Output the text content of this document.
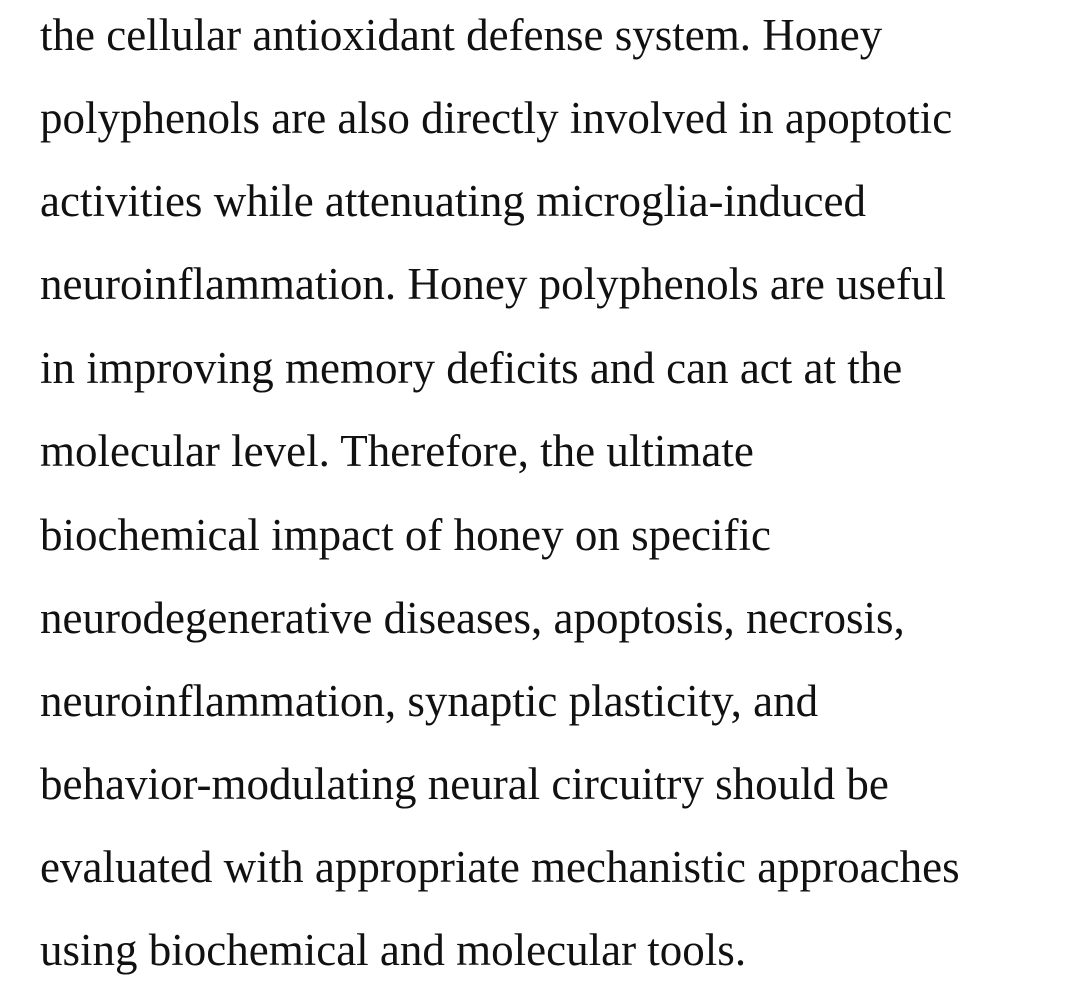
the cellular antioxidant defense system. Honey
polyphenols are also directly involved in apoptotic
activities while attenuating microglia-induced
neuroinflammation. Honey polyphenols are useful
in improving memory deficits and can act at the
molecular level. Therefore, the ultimate
biochemical impact of honey on specific
neurodegenerative diseases, apoptosis, necrosis,
neuroinflammation, synaptic plasticity, and
behavior-modulating neural circuitry should be
evaluated with appropriate mechanistic approaches
using biochemical and molecular tools.
